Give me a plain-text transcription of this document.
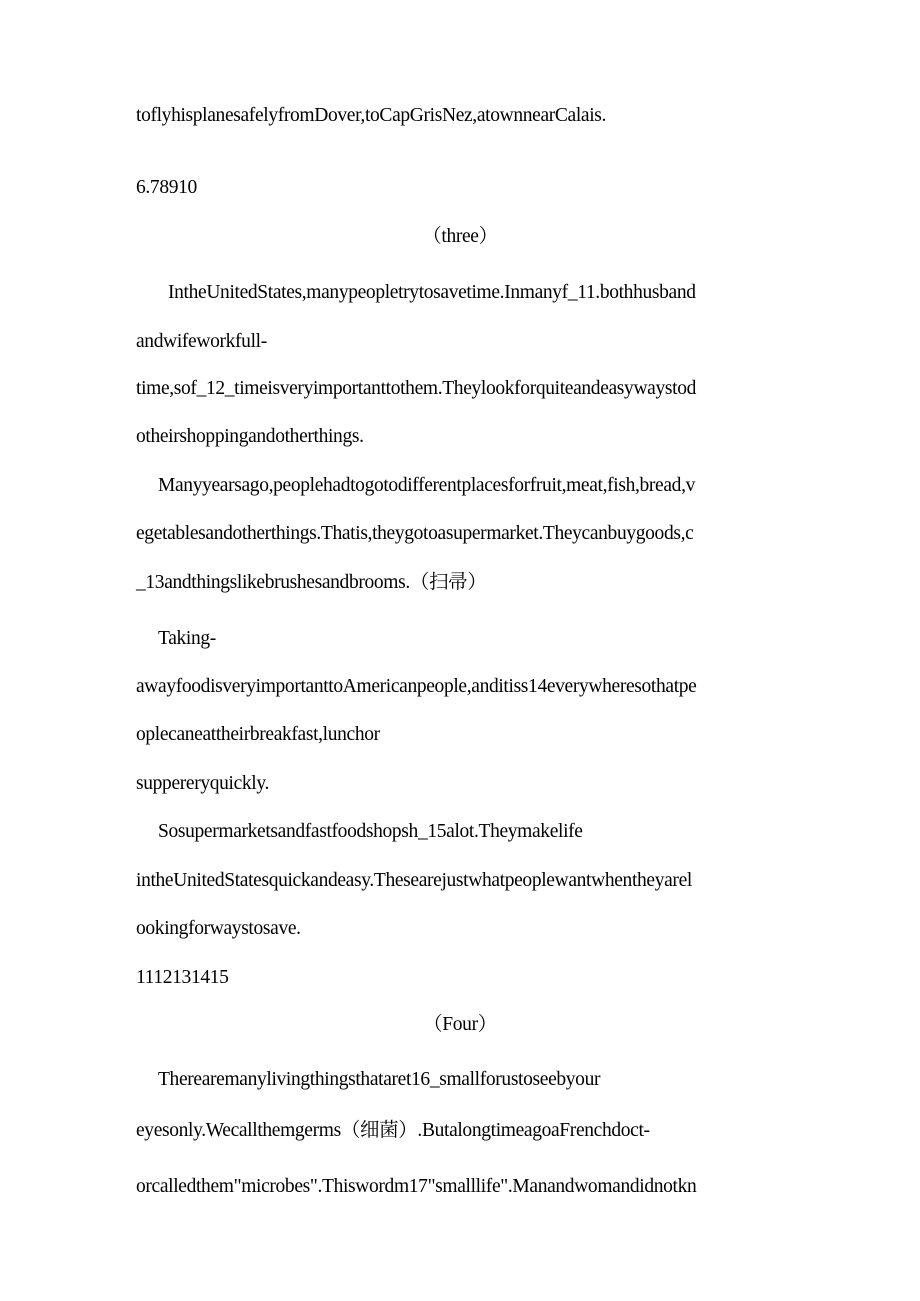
toflyhisplanesafelyfromDover,toCapGrisNez,atownnearCalais.
6.78910
（three）
IntheUnitedStates,manypeopletrytosavetime.Inmanyf_11.bothhusband
andwifeworkfull-
time,sof_12_timeisveryimportanttothem.Theylookforquiteandeasywaystod
otheirshoppingandotherthings.
Manyyearsago,peoplehadtogotodifferentplacesforfruit,meat,fish,bread,v
egetablesandotherthings.Thatis,theygotoasupermarket.Theycanbuygoods,c
_13andthingslikebrushesandbrooms.（扫帚）
Taking-
awayfoodisveryimportanttoAmericanpeople,anditiss14everywheresothatpe
oplecaneattheirbreakfast,lunchor
suppereryquickly.
Sosupermarketsandfastfoodshopsh_15alot.Theymakelife
intheUnitedStatesquickandeasy.Thesearejustwhatpeoplewantwhentheyarel
ookingforwaystosave.
1112131415
（Four）
Therearemanylivingthingsthataret16_smallforustoseebyour
eyesonly.Wecallthemgerms（细菌）.ButalongtimeagoaFrenchdoct-
orcalledthem"microbes".Thiswordm17"smalllife".Manandwomandidnotkn
